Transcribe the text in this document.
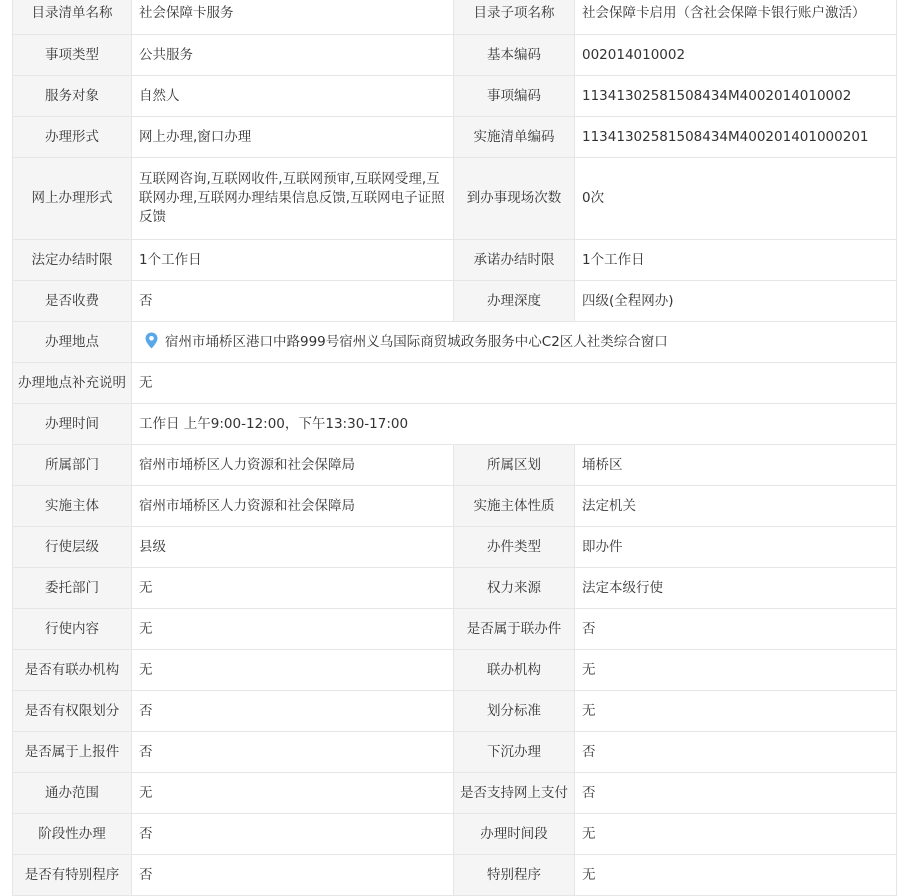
目录清单名称	社会保障卡服务	目录子项名称	社会保障卡启用（含社会保障卡银行账户激活）
事项类型	公共服务	基本编码	002014010002
服务对象	自然人	事项编码	11341302581508434M4002014010002
办理形式	网上办理,窗口办理	实施清单编码	11341302581508434M400201401000201
网上办理形式	互联网咨询,互联网收件,互联网预审,互联网受理,互联网办理,互联网办理结果信息反馈,互联网电子证照反馈	到办事现场次数	0次
法定办结时限	1个工作日	承诺办结时限	1个工作日
是否收费	否	办理深度	四级(全程网办)
办理地点	宿州市埇桥区港口中路999号宿州义乌国际商贸城政务服务中心C2区人社类综合窗口		
办理地点补充说明	无		
办理时间	工作日 上午9:00-12:00，下午13:30-17:00		
所属部门	宿州市埇桥区人力资源和社会保障局	所属区划	埇桥区
实施主体	宿州市埇桥区人力资源和社会保障局	实施主体性质	法定机关
行使层级	县级	办件类型	即办件
委托部门	无	权力来源	法定本级行使
行使内容	无	是否属于联办件	否
是否有联办机构	无	联办机构	无
是否有权限划分	否	划分标准	无
是否属于上报件	否	下沉办理	否
通办范围	无	是否支持网上支付	否
阶段性办理	否	办理时间段	无
是否有特别程序	否	特别程序	无
